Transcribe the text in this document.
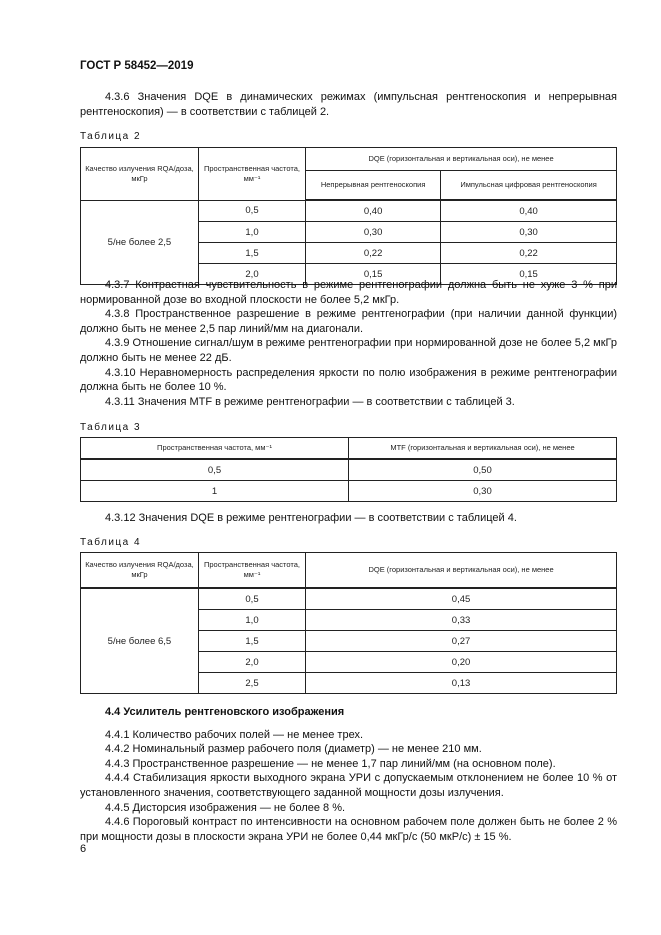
ГОСТ Р 58452—2019

4.3.6 Значения DQE в динамических режимах (импульсная рентгеноскопия и непрерывная рентгеноскопия) — в соответствии с таблицей 2.

Таблица 2
Качество излучения RQA/доза, мкГр	Пространственная частота, мм⁻¹	DQE (горизонтальная и вертикальная оси), не менее	
		Непрерывная рентгеноскопия	Импульсная цифровая рентгеноскопия
5/не более 2,5	0,5	0,40	0,40
	1,0	0,30	0,30
	1,5	0,22	0,22
	2,0	0,15	0,15

4.3.7 Контрастная чувствительность в режиме рентгенографии должна быть не хуже 3 % при нормированной дозе во входной плоскости не более 5,2 мкГр.

4.3.8 Пространственное разрешение в режиме рентгенографии (при наличии данной функции) должно быть не менее 2,5 пар линий/мм на диагонали.

4.3.9 Отношение сигнал/шум в режиме рентгенографии при нормированной дозе не более 5,2 мкГр должно быть не менее 22 дБ.

4.3.10 Неравномерность распределения яркости по полю изображения в режиме рентгенографии должна быть не более 10 %.

4.3.11 Значения MTF в режиме рентгенографии — в соответствии с таблицей 3.

Таблица 3
Пространственная частота, мм⁻¹	MTF (горизонтальная и вертикальная оси), не менее
0,5	0,50
1	0,30

4.3.12 Значения DQE в режиме рентгенографии — в соответствии с таблицей 4.

Таблица 4
Качество излучения RQA/доза, мкГр	Пространственная частота, мм⁻¹	DQE (горизонтальная и вертикальная оси), не менее
5/не более 6,5	0,5	0,45
	1,0	0,33
	1,5	0,27
	2,0	0,20
	2,5	0,13

4.4 Усилитель рентгеновского изображения

4.4.1 Количество рабочих полей — не менее трех.

4.4.2 Номинальный размер рабочего поля (диаметр) — не менее 210 мм.

4.4.3 Пространственное разрешение — не менее 1,7 пар линий/мм (на основном поле).

4.4.4 Стабилизация яркости выходного экрана УРИ с допускаемым отклонением не более 10 % от установленного значения, соответствующего заданной мощности дозы излучения.

4.4.5 Дисторсия изображения — не более 8 %.

4.4.6 Пороговый контраст по интенсивности на основном рабочем поле должен быть не более 2 % при мощности дозы в плоскости экрана УРИ не более 0,44 мкГр/с (50 мкР/с) ± 15 %.

6
